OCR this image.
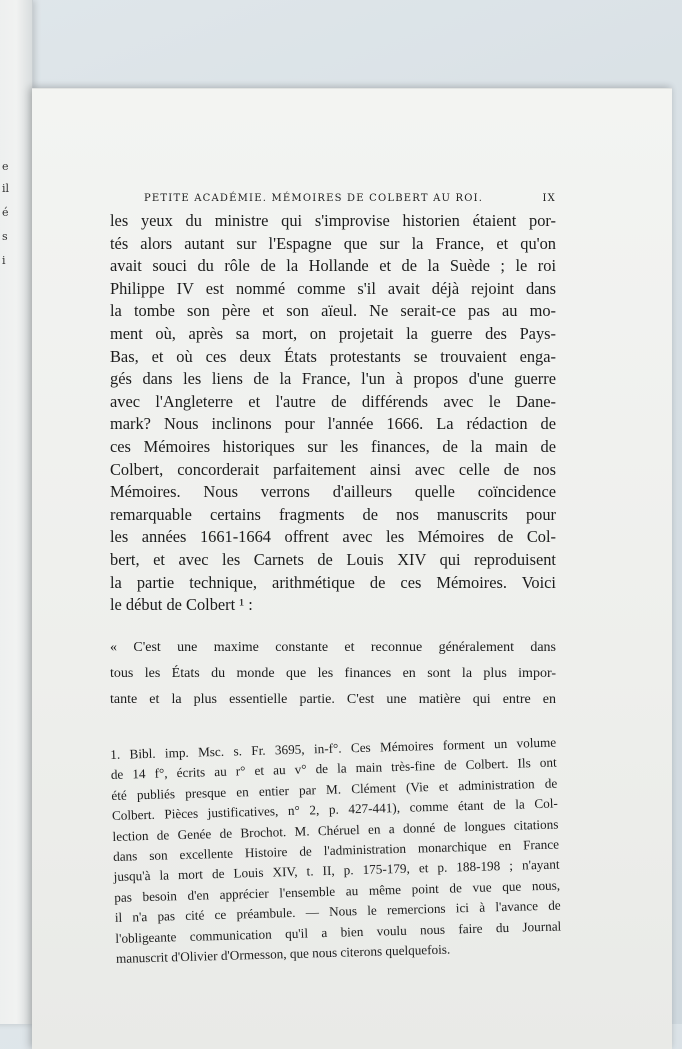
e
il
é
s
i
PETITE ACADÉMIE. MÉMOIRES DE COLBERT AU ROI.	IX
les yeux du ministre qui s'improvise historien étaient por-
tés alors autant sur l'Espagne que sur la France, et qu'on
avait souci du rôle de la Hollande et de la Suède ; le roi
Philippe IV est nommé comme s'il avait déjà rejoint dans
la tombe son père et son aïeul. Ne serait-ce pas au mo-
ment où, après sa mort, on projetait la guerre des Pays-
Bas, et où ces deux États protestants se trouvaient enga-
gés dans les liens de la France, l'un à propos d'une guerre
avec l'Angleterre et l'autre de différends avec le Dane-
mark? Nous inclinons pour l'année 1666. La rédaction de
ces Mémoires historiques sur les finances, de la main de
Colbert, concorderait parfaitement ainsi avec celle de nos
Mémoires. Nous verrons d'ailleurs quelle coïncidence
remarquable certains fragments de nos manuscrits pour
les années 1661-1664 offrent avec les Mémoires de Col-
bert, et avec les Carnets de Louis XIV qui reproduisent
la partie technique, arithmétique de ces Mémoires. Voici
le début de Colbert ¹ :
« C'est une maxime constante et reconnue généralement dans
tous les États du monde que les finances en sont la plus impor-
tante et la plus essentielle partie. C'est une matière qui entre en
1. Bibl. imp. Msc. s. Fr. 3695, in-f°. Ces Mémoires forment un volume
de 14 f°, écrits au r° et au v° de la main très-fine de Colbert. Ils ont
été publiés presque en entier par M. Clément (Vie et administration de
Colbert. Pièces justificatives, n° 2, p. 427-441), comme étant de la Col-
lection de Genée de Brochot. M. Chéruel en a donné de longues citations
dans son excellente Histoire de l'administration monarchique en France
jusqu'à la mort de Louis XIV, t. II, p. 175-179, et p. 188-198 ; n'ayant
pas besoin d'en apprécier l'ensemble au même point de vue que nous,
il n'a pas cité ce préambule. — Nous le remercions ici à l'avance de
l'obligeante communication qu'il a bien voulu nous faire du Journal
manuscrit d'Olivier d'Ormesson, que nous citerons quelquefois.
